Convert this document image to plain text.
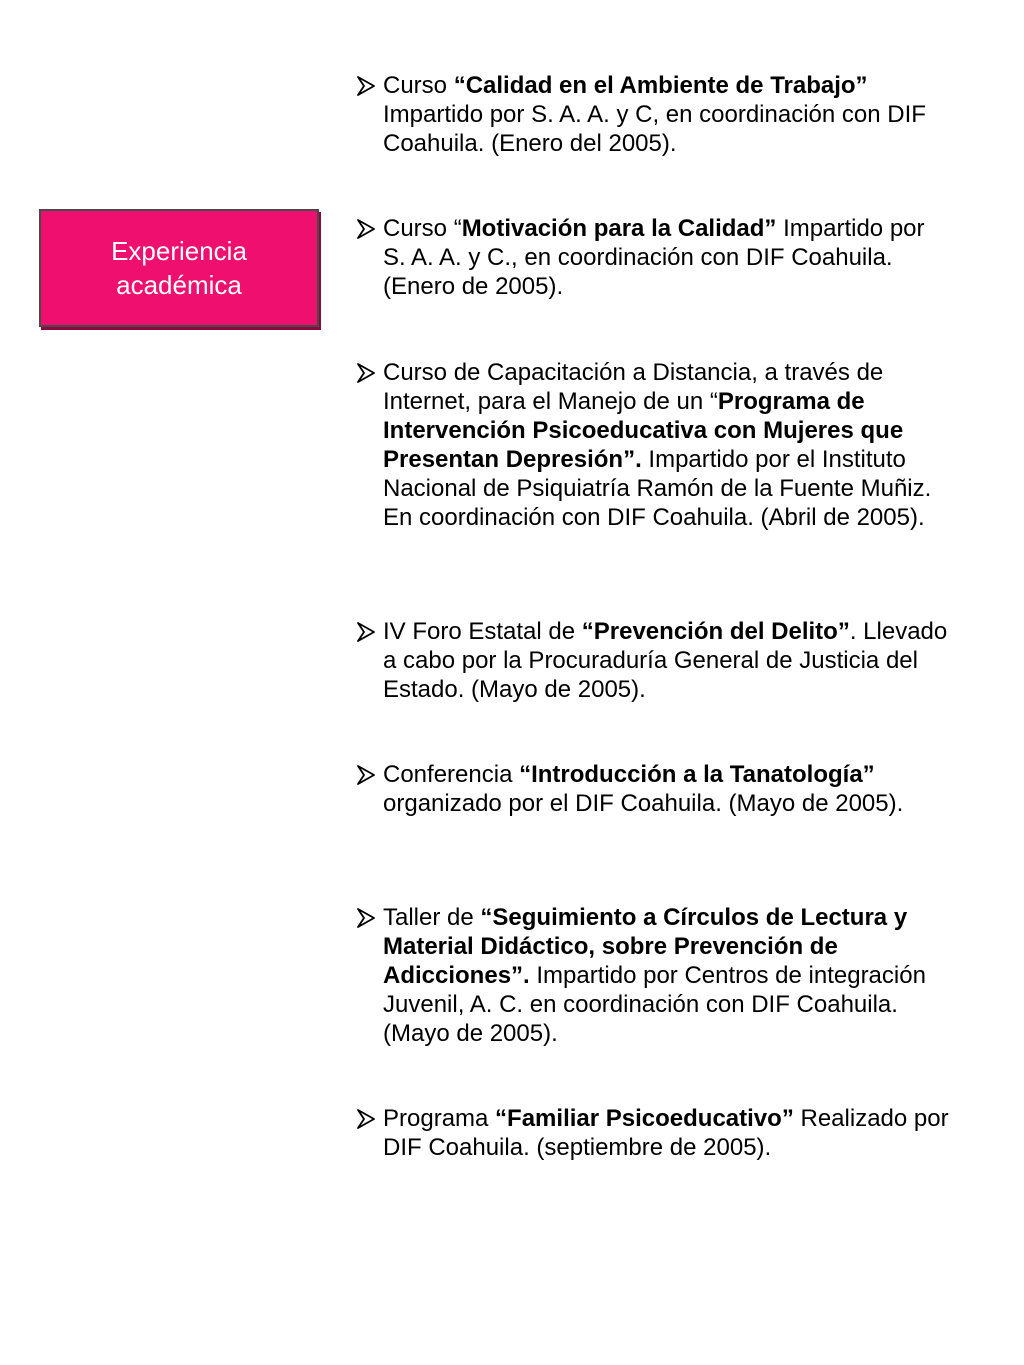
Experiencia académica
Curso “Calidad en el Ambiente de Trabajo” Impartido por S. A. A. y C, en coordinación con DIF Coahuila. (Enero del 2005).
Curso “Motivación para la Calidad” Impartido por S. A. A. y C., en coordinación con DIF Coahuila. (Enero de 2005).
Curso de Capacitación a Distancia, a través de Internet, para el Manejo de un “Programa de Intervención Psicoeducativa con Mujeres que Presentan Depresión”. Impartido por el Instituto Nacional de Psiquiatría Ramón de la Fuente Muñiz. En coordinación con DIF Coahuila. (Abril de 2005).
IV Foro Estatal de “Prevención del Delito”. Llevado a cabo por la Procuraduría General de Justicia del Estado. (Mayo de 2005).
Conferencia “Introducción a la Tanatología” organizado por el DIF Coahuila. (Mayo de 2005).
Taller de “Seguimiento a Círculos de Lectura y Material Didáctico, sobre Prevención de Adicciones”. Impartido por Centros de integración Juvenil, A. C. en coordinación con DIF Coahuila. (Mayo de 2005).
Programa “Familiar Psicoeducativo” Realizado por DIF Coahuila. (septiembre de 2005).
